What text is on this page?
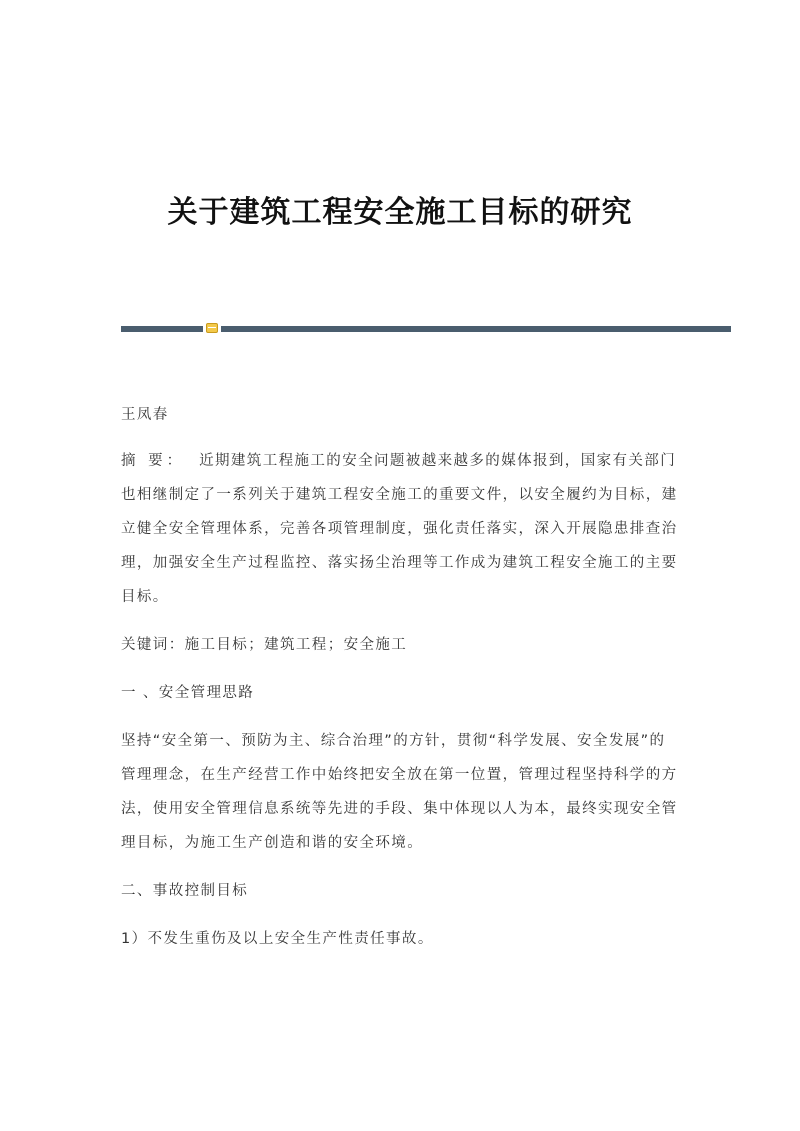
关于建筑工程安全施工目标的研究

王凤春

摘 要： 近期建筑工程施工的安全问题被越来越多的媒体报到，国家有关部门也相继制定了一系列关于建筑工程安全施工的重要文件，以安全履约为目标，建立健全安全管理体系，完善各项管理制度，强化责任落实，深入开展隐患排查治理，加强安全生产过程监控、落实扬尘治理等工作成为建筑工程安全施工的主要目标。

关键词：施工目标；建筑工程；安全施工

一 、安全管理思路

坚持“安全第一、预防为主、综合治理”的方针，贯彻“科学发展、安全发展”的管理理念，在生产经营工作中始终把安全放在第一位置，管理过程坚持科学的方法，使用安全管理信息系统等先进的手段、集中体现以人为本，最终实现安全管理目标，为施工生产创造和谐的安全环境。

二、事故控制目标

1）不发生重伤及以上安全生产性责任事故。
